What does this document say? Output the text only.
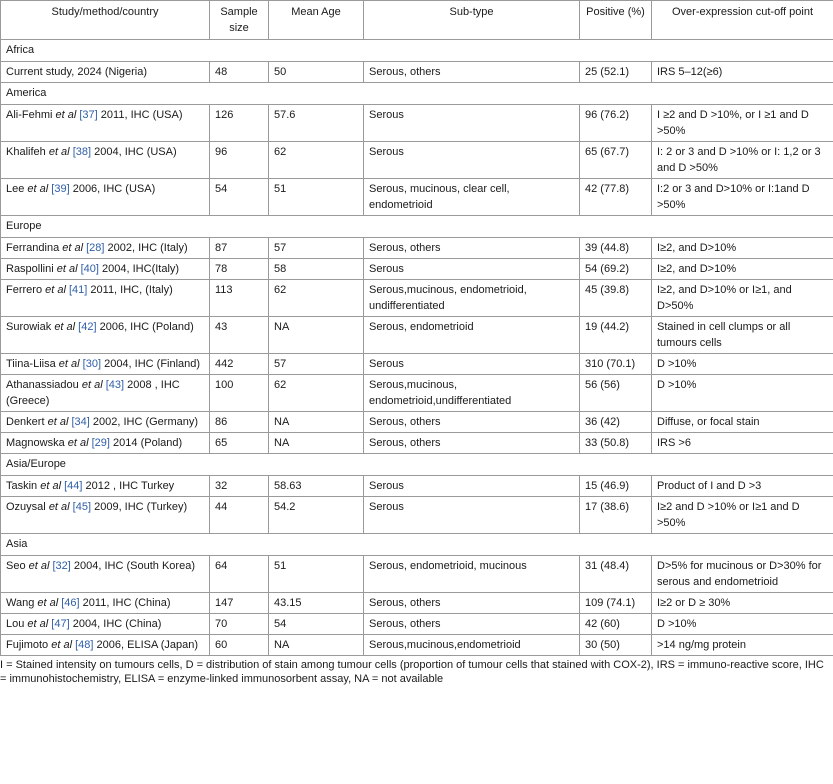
Study/method/country	Sample size	Mean Age	Sub-type	Positive (%)	Over-expression cut-off point
Africa					
Current study, 2024 (Nigeria)	48	50	Serous, others	25 (52.1)	IRS 5–12(≥6)
America					
Ali-Fehmi et al [37] 2011, IHC (USA)	126	57.6	Serous	96 (76.2)	I ≥2 and D >10%, or I ≥1 and D >50%
Khalifeh et al [38] 2004, IHC (USA)	96	62	Serous	65 (67.7)	I: 2 or 3 and D >10% or I: 1,2 or 3 and D >50%
Lee et al [39] 2006, IHC (USA)	54	51	Serous, mucinous, clear cell, endometrioid	42 (77.8)	I:2 or 3 and D>10% or I:1and D >50%
Europe					
Ferrandina et al [28] 2002, IHC (Italy)	87	57	Serous, others	39 (44.8)	I≥2, and D>10%
Raspollini et al [40] 2004, IHC(Italy)	78	58	Serous	54 (69.2)	I≥2, and D>10%
Ferrero et al [41] 2011, IHC, (Italy)	113	62	Serous,mucinous, endometrioid, undifferentiated	45 (39.8)	I≥2, and D>10% or I≥1, and D>50%
Surowiak et al [42] 2006, IHC (Poland)	43	NA	Serous, endometrioid	19 (44.2)	Stained in cell clumps or all tumours cells
Tiina-Liisa et al [30] 2004, IHC (Finland)	442	57	Serous	310 (70.1)	D >10%
Athanassiadou et al [43] 2008 , IHC (Greece)	100	62	Serous,mucinous, endometrioid,undifferentiated	56 (56)	D >10%
Denkert et al [34] 2002, IHC (Germany)	86	NA	Serous, others	36 (42)	Diffuse, or focal stain
Magnowska et al [29] 2014 (Poland)	65	NA	Serous, others	33 (50.8)	IRS >6
Asia/Europe					
Taskin et al [44] 2012 , IHC Turkey	32	58.63	Serous	15 (46.9)	Product of I and D >3
Ozuysal et al [45] 2009, IHC (Turkey)	44	54.2	Serous	17 (38.6)	I≥2 and D >10% or I≥1 and D >50%
Asia					
Seo et al [32] 2004, IHC (South Korea)	64	51	Serous, endometrioid, mucinous	31 (48.4)	D>5% for mucinous or D>30% for serous and endometrioid
Wang et al [46] 2011, IHC (China)	147	43.15	Serous, others	109 (74.1)	I≥2 or D ≥ 30%
Lou et al [47] 2004, IHC (China)	70	54	Serous, others	42 (60)	D >10%
Fujimoto et al [48] 2006, ELISA (Japan)	60	NA	Serous,mucinous,endometrioid	30 (50)	>14 ng/mg protein

I = Stained intensity on tumours cells, D = distribution of stain among tumour cells (proportion of tumour cells that stained with COX-2), IRS = immuno-reactive score, IHC = immunohistochemistry, ELISA = enzyme-linked immunosorbent assay, NA = not available
